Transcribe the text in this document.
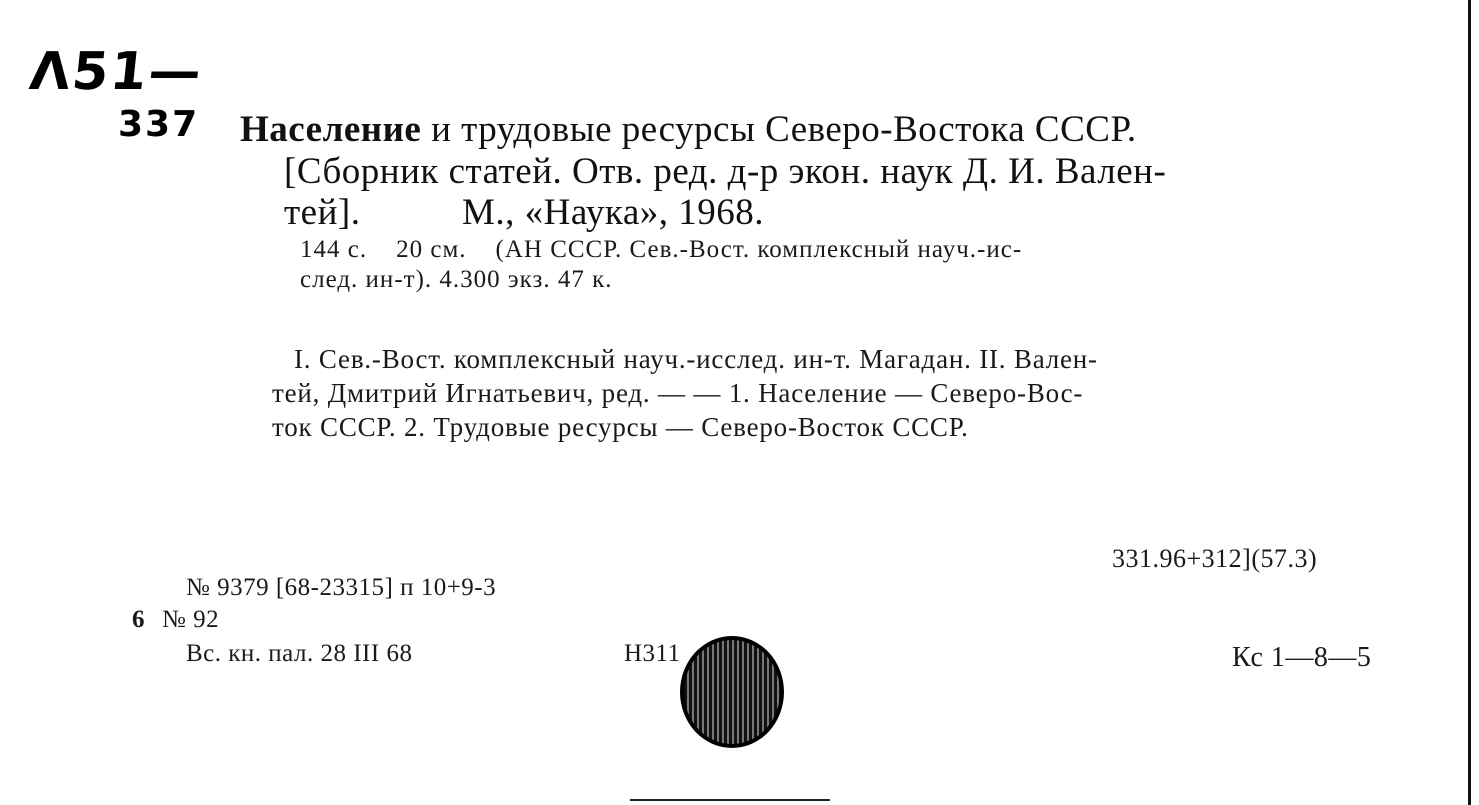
Λ51—
337 Население и трудовые ресурсы Северо-Востока СССР.
[Сборник статей. Отв. ред. д-р экон. наук Д. И. Вален-
тей].	М., «Наука», 1968.
144 с.    20 см.    (АН СССР. Сев.-Вост. комплексный науч.-ис-
след. ин-т). 4.300 экз. 47 к.
I. Сев.-Вост. комплексный науч.-исслед. ин-т. Магадан. II. Вален-
тей, Дмитрий Игнатьевич, ред. — — 1. Население — Северо-Вос-
ток СССР. 2. Трудовые ресурсы — Северо-Восток СССР.
331.96+312](57.3)
№ 9379 [68-23315] п 10+9-3
6 № 92
Вс. кн. пал. 28 III 68	Н311	Кс 1—8—5
